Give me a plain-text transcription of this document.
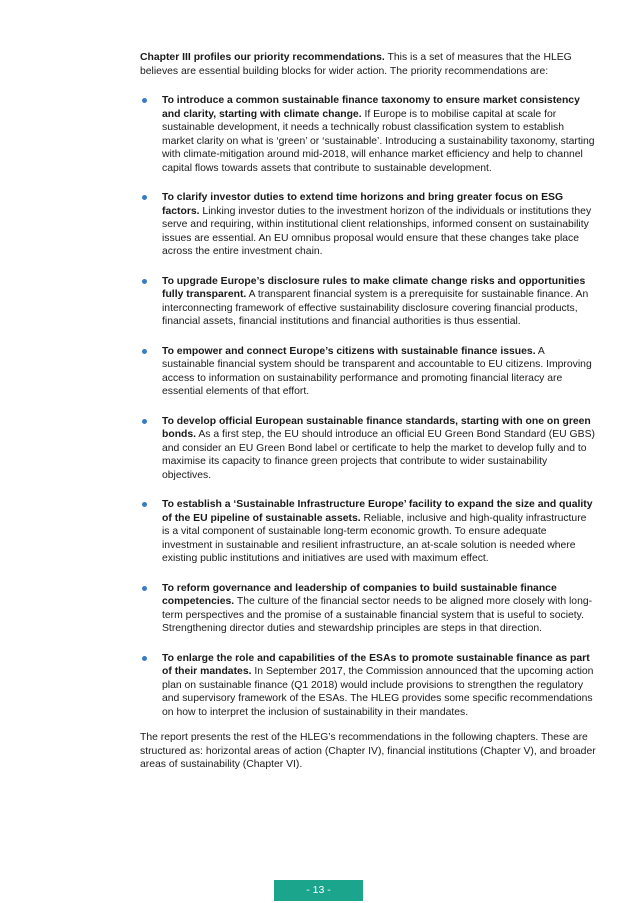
Chapter III profiles our priority recommendations. This is a set of measures that the HLEG believes are essential building blocks for wider action. The priority recommendations are:

To introduce a common sustainable finance taxonomy to ensure market consistency and clarity, starting with climate change. If Europe is to mobilise capital at scale for sustainable development, it needs a technically robust classification system to establish market clarity on what is ‘green’ or ‘sustainable’. Introducing a sustainability taxonomy, starting with climate-mitigation around mid-2018, will enhance market efficiency and help to channel capital flows towards assets that contribute to sustainable development.
To clarify investor duties to extend time horizons and bring greater focus on ESG factors. Linking investor duties to the investment horizon of the individuals or institutions they serve and requiring, within institutional client relationships, informed consent on sustainability issues are essential. An EU omnibus proposal would ensure that these changes take place across the entire investment chain.
To upgrade Europe’s disclosure rules to make climate change risks and opportunities fully transparent. A transparent financial system is a prerequisite for sustainable finance. An interconnecting framework of effective sustainability disclosure covering financial products, financial assets, financial institutions and financial authorities is thus essential.
To empower and connect Europe’s citizens with sustainable finance issues. A sustainable financial system should be transparent and accountable to EU citizens. Improving access to information on sustainability performance and promoting financial literacy are essential elements of that effort.
To develop official European sustainable finance standards, starting with one on green bonds. As a first step, the EU should introduce an official EU Green Bond Standard (EU GBS) and consider an EU Green Bond label or certificate to help the market to develop fully and to maximise its capacity to finance green projects that contribute to wider sustainability objectives.
To establish a ‘Sustainable Infrastructure Europe’ facility to expand the size and quality of the EU pipeline of sustainable assets. Reliable, inclusive and high-quality infrastructure is a vital component of sustainable long-term economic growth. To ensure adequate investment in sustainable and resilient infrastructure, an at-scale solution is needed where existing public institutions and initiatives are used with maximum effect.
To reform governance and leadership of companies to build sustainable finance competencies. The culture of the financial sector needs to be aligned more closely with long-term perspectives and the promise of a sustainable financial system that is useful to society. Strengthening director duties and stewardship principles are steps in that direction.
To enlarge the role and capabilities of the ESAs to promote sustainable finance as part of their mandates. In September 2017, the Commission announced that the upcoming action plan on sustainable finance (Q1 2018) would include provisions to strengthen the regulatory and supervisory framework of the ESAs. The HLEG provides some specific recommendations on how to interpret the inclusion of sustainability in their mandates.

The report presents the rest of the HLEG’s recommendations in the following chapters. These are structured as: horizontal areas of action (Chapter IV), financial institutions (Chapter V), and broader areas of sustainability (Chapter VI).

- 13 -
